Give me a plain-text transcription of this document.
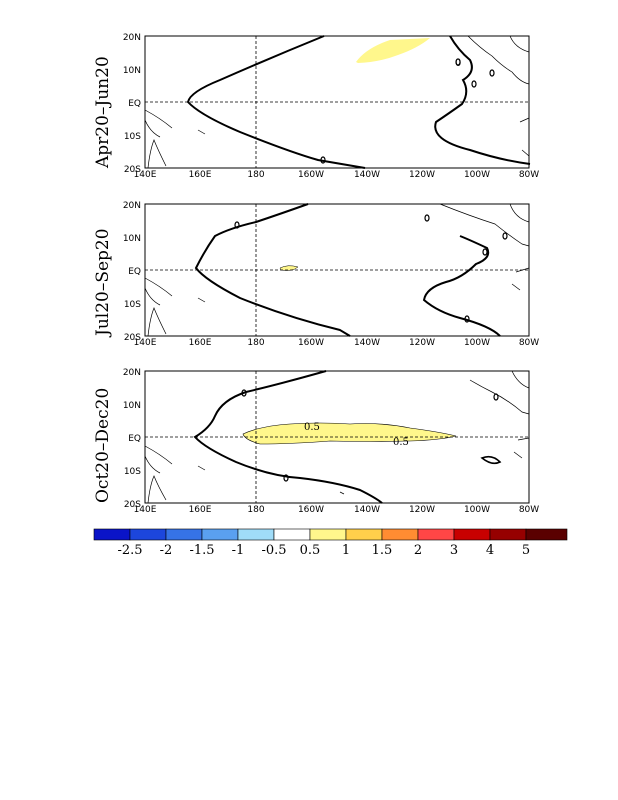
Apr20–Jun20
140E	160E	180	160W	140W	120W	100W	80W
20N
10N
EQ
10S
20S
0
Jul20–Sep20
140E	160E	180	160W	140W	120W	100W	80W
20N
10N
EQ
10S
20S
Oct20–Dec20	0.5
0.5
140E	160E	180	160W	140W	120W	100W	80W
20N
10N
EQ
10S
20S
-2.5 -2 -1.5 -1 -0.5 0.5 1 1.5 2 3 4 5
